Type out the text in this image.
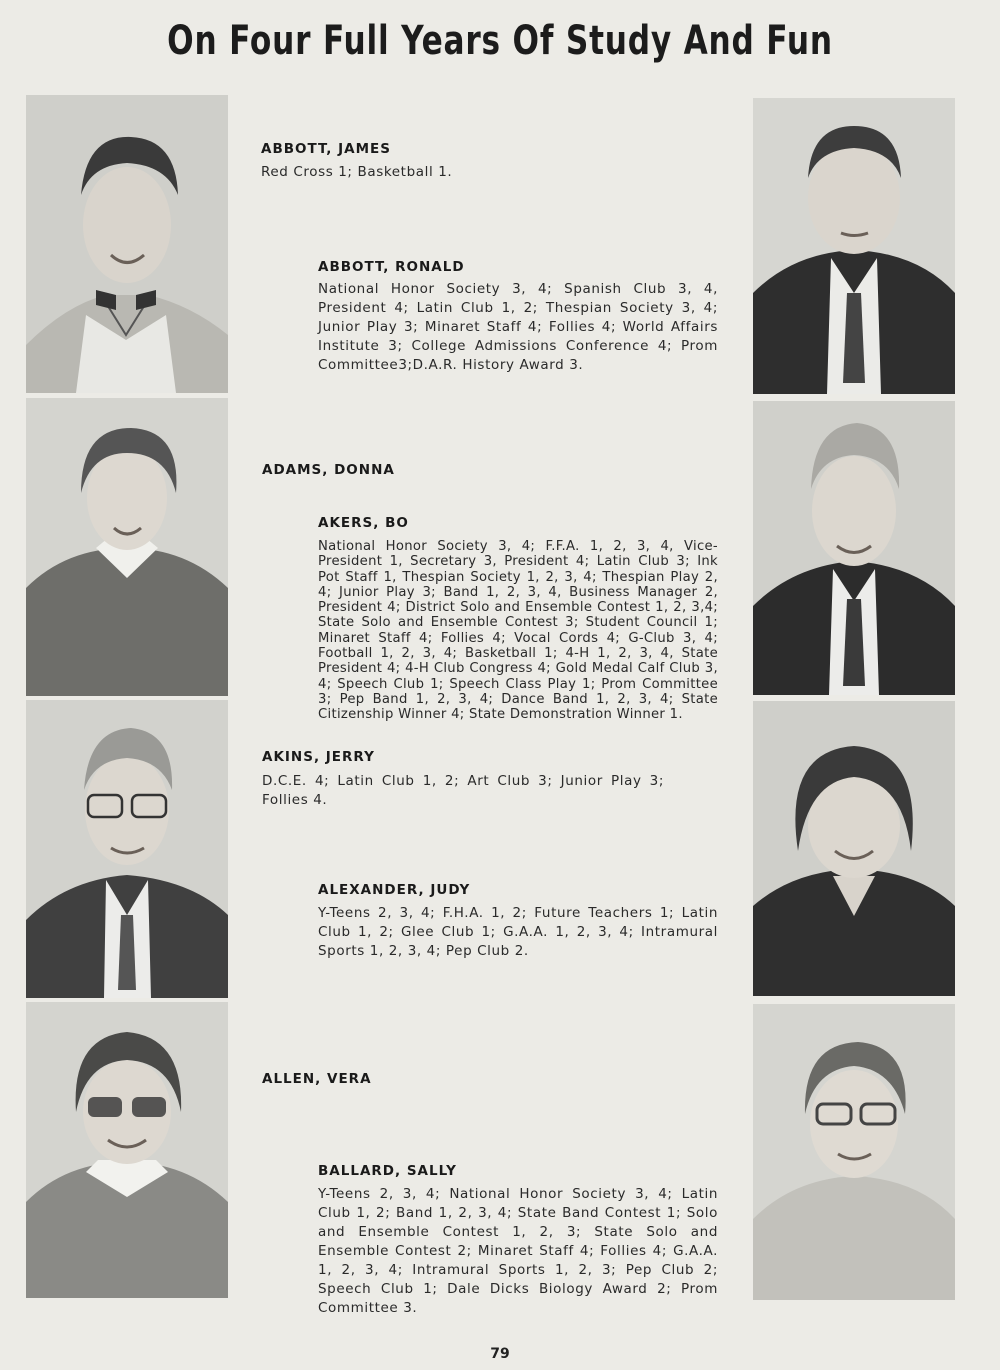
On Four Full Years Of Study And Fun
ABBOTT, JAMES
Red Cross 1; Basketball 1.
ABBOTT, RONALD
National Honor Society 3, 4; Spanish Club 3, 4, President 4; Latin Club 1, 2; Thespian Society 3, 4; Junior Play 3; Minaret Staff 4; Follies 4; World Affairs Institute 3; College Admissions Conference 4; Prom Committee3;D.A.R. History Award 3.
ADAMS, DONNA
AKERS, BO
National Honor Society 3, 4; F.F.A. 1, 2, 3, 4, Vice-President 1, Secretary 3, President 4; Latin Club 3; Ink Pot Staff 1, Thespian Society 1, 2, 3, 4; Thespian Play 2, 4; Junior Play 3; Band 1, 2, 3, 4, Business Manager 2, President 4; District Solo and Ensemble Contest 1, 2, 3,4; State Solo and Ensemble Contest 3; Student Council 1; Minaret Staff 4; Follies 4; Vocal Cords 4; G-Club 3, 4; Football 1, 2, 3, 4; Basketball 1; 4-H 1, 2, 3, 4, State President 4; 4-H Club Congress 4; Gold Medal Calf Club 3, 4; Speech Club 1; Speech Class Play 1; Prom Committee 3; Pep Band 1, 2, 3, 4; Dance Band 1, 2, 3, 4; State Citizenship Winner 4; State Demonstration Winner 1.
AKINS, JERRY
D.C.E. 4; Latin Club 1, 2; Art Club 3; Junior Play 3; Follies 4.
ALEXANDER, JUDY
Y-Teens 2, 3, 4; F.H.A. 1, 2; Future Teachers 1; Latin Club 1, 2; Glee Club 1; G.A.A. 1, 2, 3, 4; Intramural Sports 1, 2, 3, 4; Pep Club 2.
ALLEN, VERA
BALLARD, SALLY
Y-Teens 2, 3, 4; National Honor Society 3, 4; Latin Club 1, 2; Band 1, 2, 3, 4; State Band Contest 1; Solo and Ensemble Contest 1, 2, 3; State Solo and Ensemble Contest 2; Minaret Staff 4; Follies 4; G.A.A. 1, 2, 3, 4; Intramural Sports 1, 2, 3; Pep Club 2; Speech Club 1; Dale Dicks Biology Award 2; Prom Committee 3.
79
